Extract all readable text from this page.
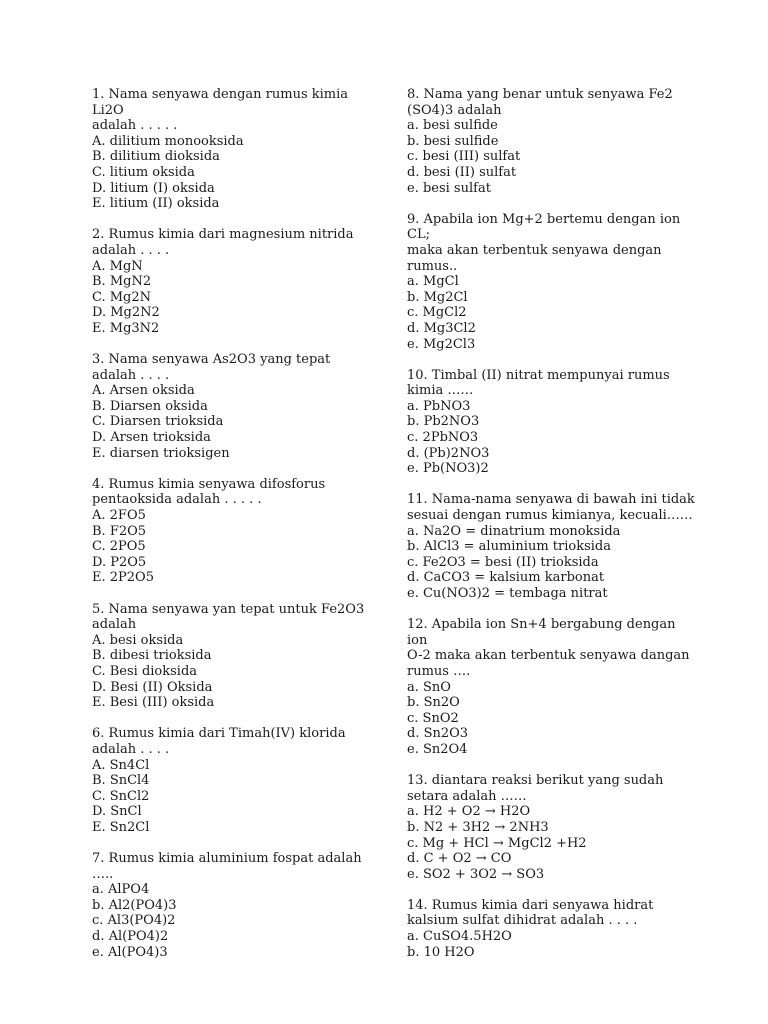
1. Nama senyawa dengan rumus kimia Li2O
adalah . . . . .
A. dilitium monooksida
B. dilitium dioksida
C. litium oksida
D. litium (I) oksida
E. litium (II) oksida
2. Rumus kimia dari magnesium nitrida
adalah . . . .
A. MgN
B. MgN2
C. Mg2N
D. Mg2N2
E. Mg3N2
3. Nama senyawa As2O3 yang tepat
adalah . . . .
A. Arsen oksida
B. Diarsen oksida
C. Diarsen trioksida
D. Arsen trioksida
E. diarsen trioksigen
4. Rumus kimia senyawa difosforus
pentaoksida adalah . . . . .
A. 2FO5
B. F2O5
C. 2PO5
D. P2O5
E. 2P2O5
5. Nama senyawa yan tepat untuk Fe2O3
adalah
A. besi oksida
B. dibesi trioksida
C. Besi dioksida
D. Besi (II) Oksida
E. Besi (III) oksida
6. Rumus kimia dari Timah(IV) klorida
adalah . . . .
A. Sn4Cl
B. SnCl4
C. SnCl2
D. SnCl
E. Sn2Cl
7. Rumus kimia aluminium fospat adalah …..
a. AlPO4
b. Al2(PO4)3
c. Al3(PO4)2
d. Al(PO4)2
e. Al(PO4)3
8. Nama yang benar untuk senyawa Fe2
(SO4)3 adalah
a. besi sulfide
b. besi sulfide
c. besi (III) sulfat
d. besi (II) sulfat
e. besi sulfat
9. Apabila ion Mg+2 bertemu dengan ion CL;
maka akan terbentuk senyawa dengan
rumus..
a. MgCl
b. Mg2Cl
c. MgCl2
d. Mg3Cl2
e. Mg2Cl3
10. Timbal (II) nitrat mempunyai rumus
kimia ……
a. PbNO3
b. Pb2NO3
c. 2PbNO3
d. (Pb)2NO3
e. Pb(NO3)2
11. Nama-nama senyawa di bawah ini tidak
sesuai dengan rumus kimianya, kecuali……
a. Na2O = dinatrium monoksida
b. AlCl3 = aluminium trioksida
c. Fe2O3 = besi (II) trioksida
d. CaCO3 = kalsium karbonat
e. Cu(NO3)2 = tembaga nitrat
12. Apabila ion Sn+4 bergabung dengan ion
O-2 maka akan terbentuk senyawa dangan
rumus ….
a. SnO
b. Sn2O
c. SnO2
d. Sn2O3
e. Sn2O4
13. diantara reaksi berikut yang sudah
setara adalah ……
a. H2 + O2 → H2O
b. N2 + 3H2 → 2NH3
c. Mg + HCl → MgCl2 +H2
d. C + O2 → CO
e. SO2 + 3O2 → SO3
14. Rumus kimia dari senyawa hidrat
kalsium sulfat dihidrat adalah . . . .
a. CuSO4.5H2O
b. 10 H2O
